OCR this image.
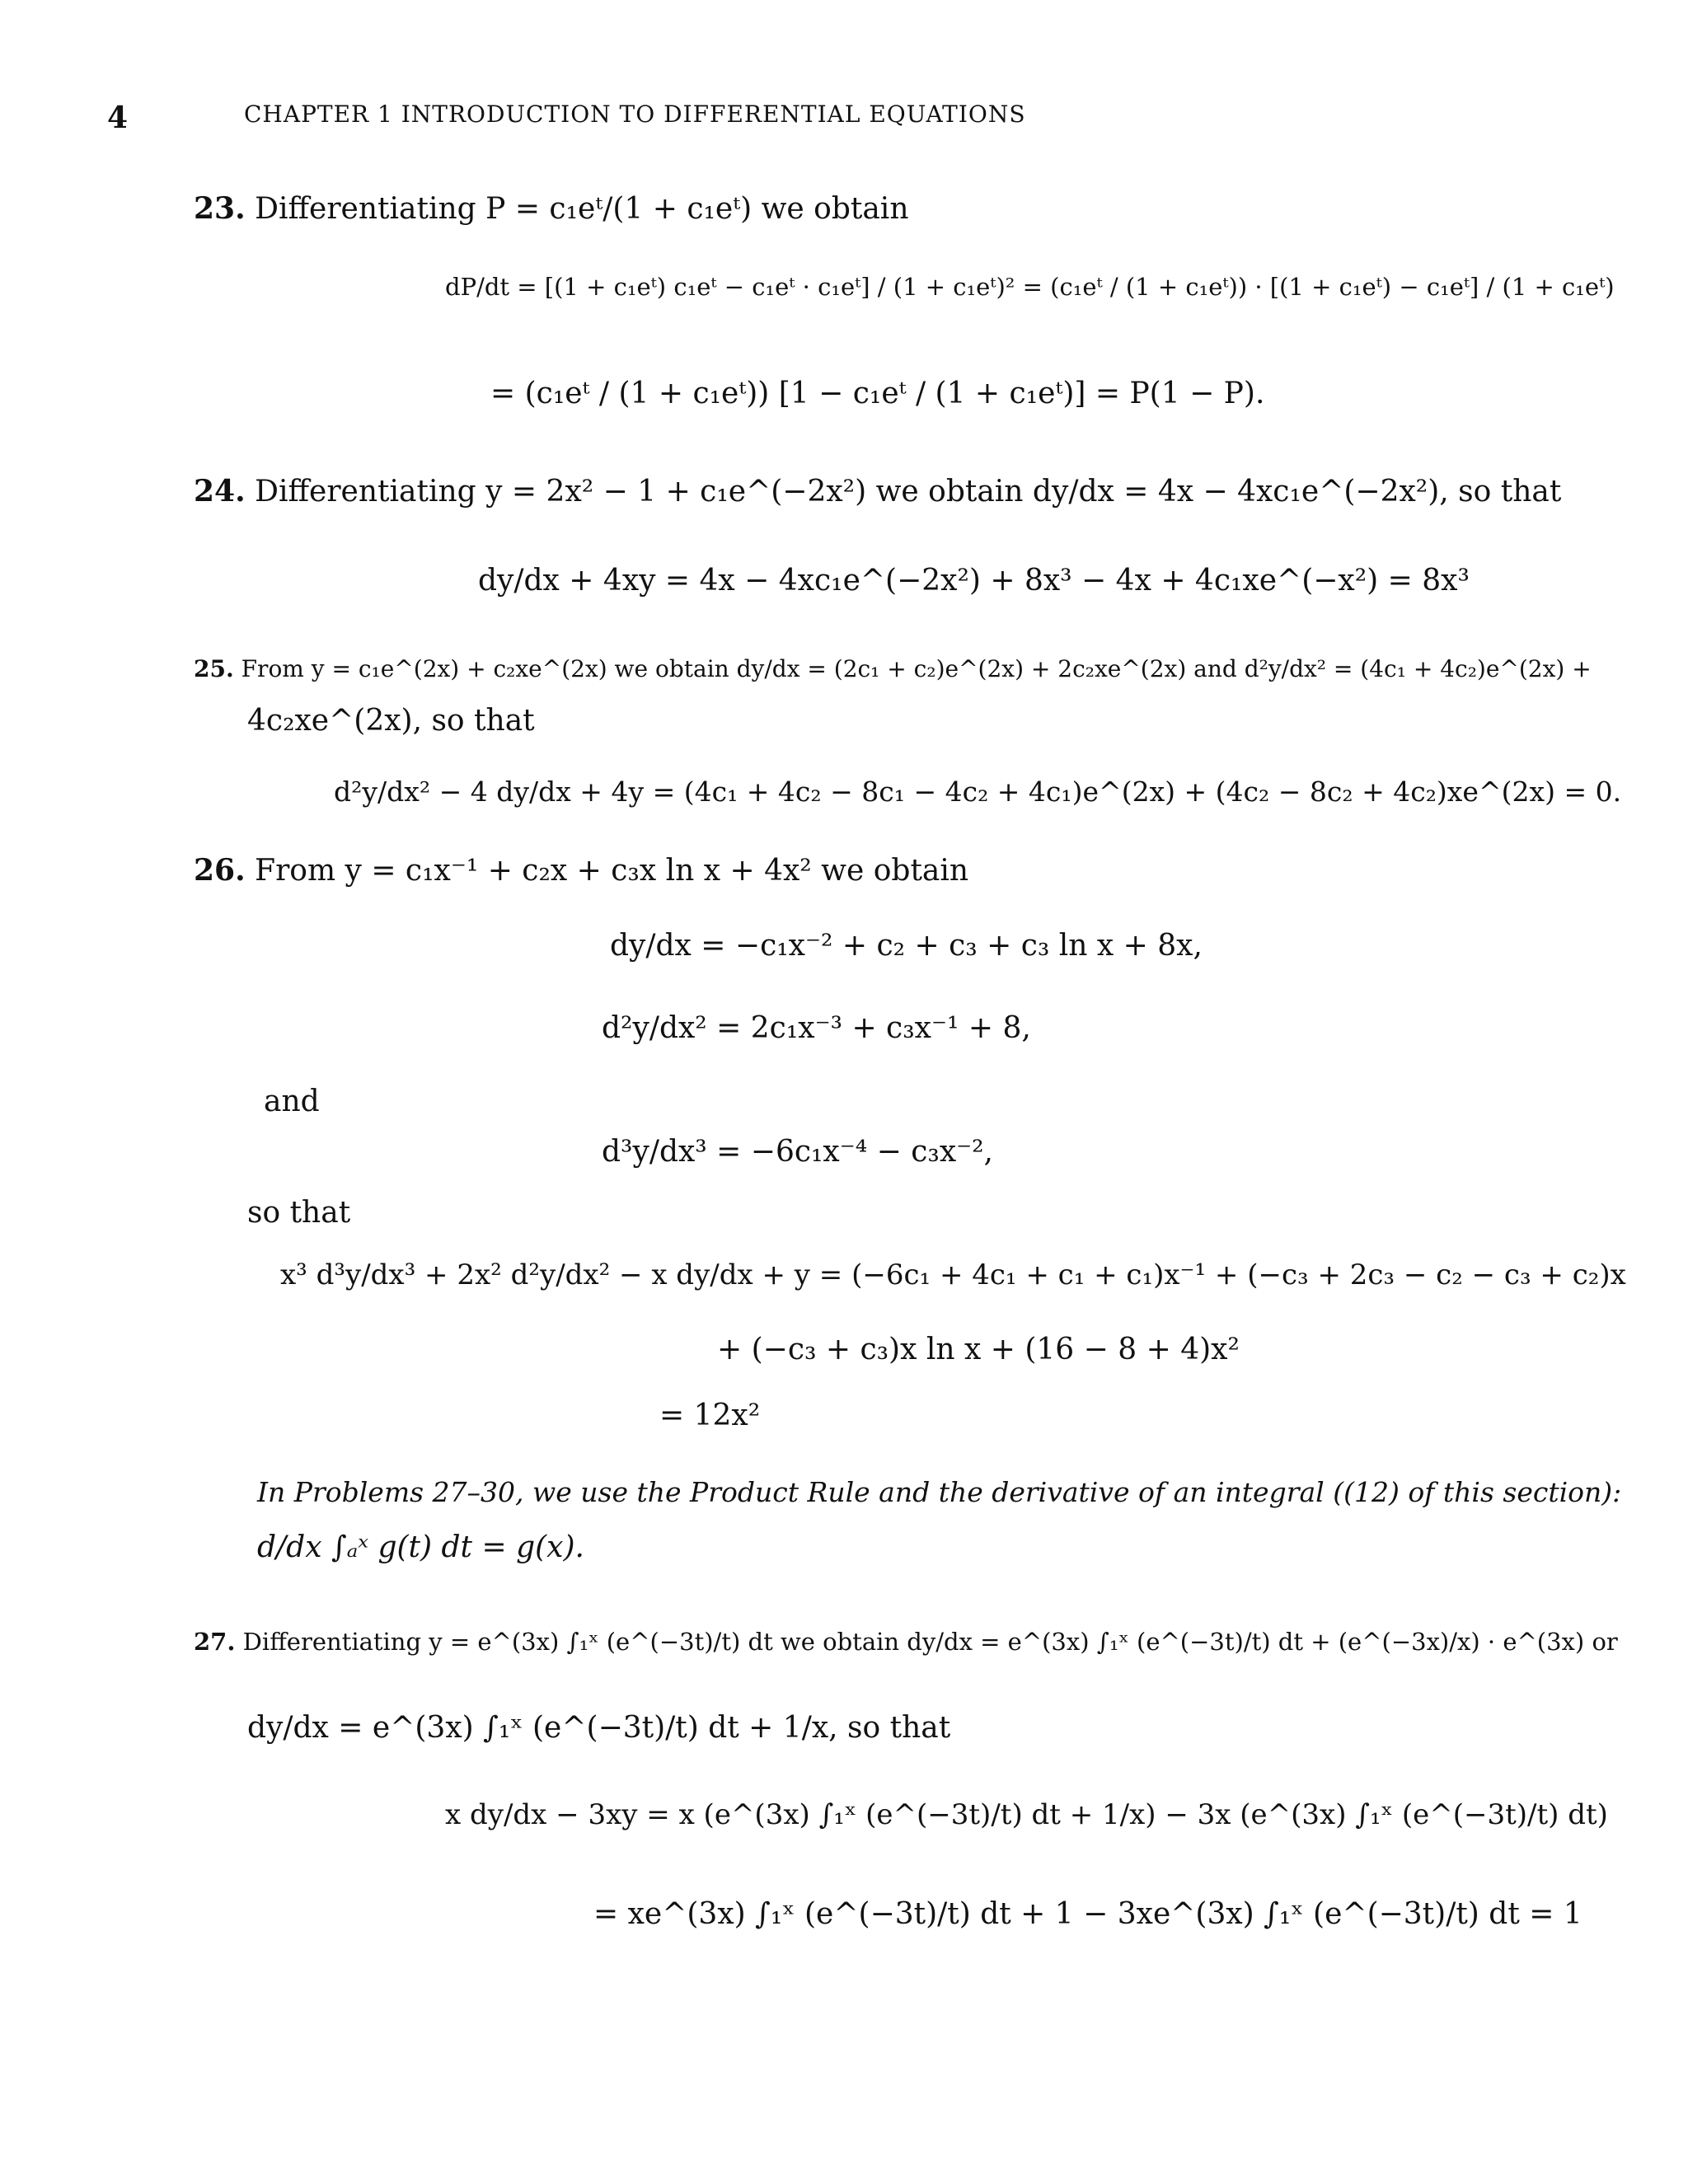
4	CHAPTER 1 INTRODUCTION TO DIFFERENTIAL EQUATIONS
23. Differentiating P = c₁eᵗ/(1 + c₁eᵗ) we obtain
dP/dt = [(1 + c₁eᵗ) c₁eᵗ − c₁eᵗ · c₁eᵗ] / (1 + c₁eᵗ)² = (c₁eᵗ / (1 + c₁eᵗ)) · [(1 + c₁eᵗ) − c₁eᵗ] / (1 + c₁eᵗ)
= (c₁eᵗ / (1 + c₁eᵗ)) [1 − c₁eᵗ / (1 + c₁eᵗ)] = P(1 − P).
24. Differentiating y = 2x² − 1 + c₁e^(−2x²) we obtain dy/dx = 4x − 4xc₁e^(−2x²), so that
dy/dx + 4xy = 4x − 4xc₁e^(−2x²) + 8x³ − 4x + 4c₁xe^(−x²) = 8x³
25. From y = c₁e^(2x) + c₂xe^(2x) we obtain dy/dx = (2c₁ + c₂)e^(2x) + 2c₂xe^(2x) and d²y/dx² = (4c₁ + 4c₂)e^(2x) +
4c₂xe^(2x), so that
d²y/dx² − 4 dy/dx + 4y = (4c₁ + 4c₂ − 8c₁ − 4c₂ + 4c₁)e^(2x) + (4c₂ − 8c₂ + 4c₂)xe^(2x) = 0.
26. From y = c₁x⁻¹ + c₂x + c₃x ln x + 4x² we obtain
dy/dx = −c₁x⁻² + c₂ + c₃ + c₃ ln x + 8x,
d²y/dx² = 2c₁x⁻³ + c₃x⁻¹ + 8,
and
d³y/dx³ = −6c₁x⁻⁴ − c₃x⁻²,
so that
x³ d³y/dx³ + 2x² d²y/dx² − x dy/dx + y = (−6c₁ + 4c₁ + c₁ + c₁)x⁻¹ + (−c₃ + 2c₃ − c₂ − c₃ + c₂)x
+ (−c₃ + c₃)x ln x + (16 − 8 + 4)x²
= 12x²
In Problems 27–30, we use the Product Rule and the derivative of an integral ((12) of this section):
d/dx ∫ₐˣ g(t) dt = g(x).
27. Differentiating y = e^(3x) ∫₁ˣ (e^(−3t)/t) dt we obtain dy/dx = e^(3x) ∫₁ˣ (e^(−3t)/t) dt + (e^(−3x)/x) · e^(3x) or
dy/dx = e^(3x) ∫₁ˣ (e^(−3t)/t) dt + 1/x, so that
x dy/dx − 3xy = x (e^(3x) ∫₁ˣ (e^(−3t)/t) dt + 1/x) − 3x (e^(3x) ∫₁ˣ (e^(−3t)/t) dt)
= xe^(3x) ∫₁ˣ (e^(−3t)/t) dt + 1 − 3xe^(3x) ∫₁ˣ (e^(−3t)/t) dt = 1
